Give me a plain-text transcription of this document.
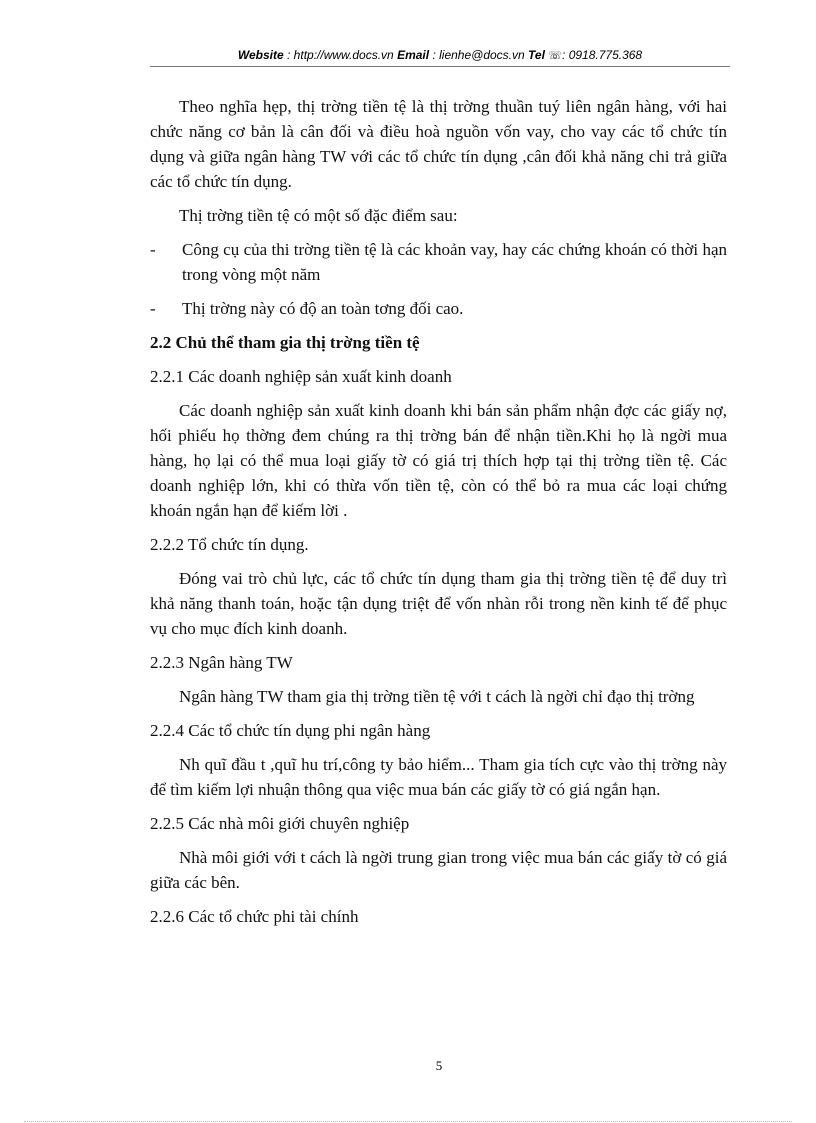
Website : http://www.docs.vn Email : lienhe@docs.vn Tel ☏: 0918.775.368

Theo nghĩa hẹp, thị trờng tiền tệ là thị trờng thuần tuý liên ngân hàng, với hai chức năng cơ bản là cân đối và điều hoà nguồn vốn vay, cho vay các tổ chức tín dụng và giữa ngân hàng TW với các tổ chức tín dụng ,cân đối khả năng chi trả giữa các tổ chức tín dụng.

Thị trờng tiền tệ có một số đặc điểm sau:

-	Công cụ của thi trờng tiền tệ là các khoản vay, hay các chứng khoán có thời hạn trong vòng một năm
-	Thị trờng này có độ an toàn tơng đối cao.
2.2 Chủ thể tham gia thị trờng tiền tệ
2.2.1 Các doanh nghiệp sản xuất kinh doanh

Các doanh nghiệp sản xuất kinh doanh khi bán sản phẩm nhận đợc các giấy nợ, hối phiếu họ thờng đem chúng ra thị trờng bán để nhận tiền.Khi họ là ngời mua hàng, họ lại có thể mua loại giấy tờ có giá trị thích hợp tại thị trờng tiền tệ. Các doanh nghiệp lớn, khi có thừa vốn tiền tệ, còn có thể bỏ ra mua các loại chứng khoán ngắn hạn để kiếm lời .

2.2.2 Tổ chức tín dụng.

Đóng vai trò chủ lực, các tổ chức tín dụng tham gia thị trờng tiền tệ để duy trì khả năng thanh toán, hoặc tận dụng triệt để vốn nhàn rỗi trong nền kinh tế để phục vụ cho mục đích kinh doanh.

2.2.3 Ngân hàng TW

Ngân hàng TW tham gia thị trờng tiền tệ với t cách là ngời chỉ đạo thị trờng

2.2.4 Các tổ chức tín dụng phi ngân hàng

Nh quĩ đầu t ,quĩ hu trí,công ty bảo hiểm... Tham gia tích cực vào thị trờng này để tìm kiếm lợi nhuận thông qua việc mua bán các giấy tờ có giá ngắn hạn.

2.2.5 Các nhà môi giới chuyên nghiệp

Nhà môi giới với t cách là ngời trung gian trong việc mua bán các giấy tờ có giá giữa các bên.

2.2.6 Các tổ chức phi tài chính
5
